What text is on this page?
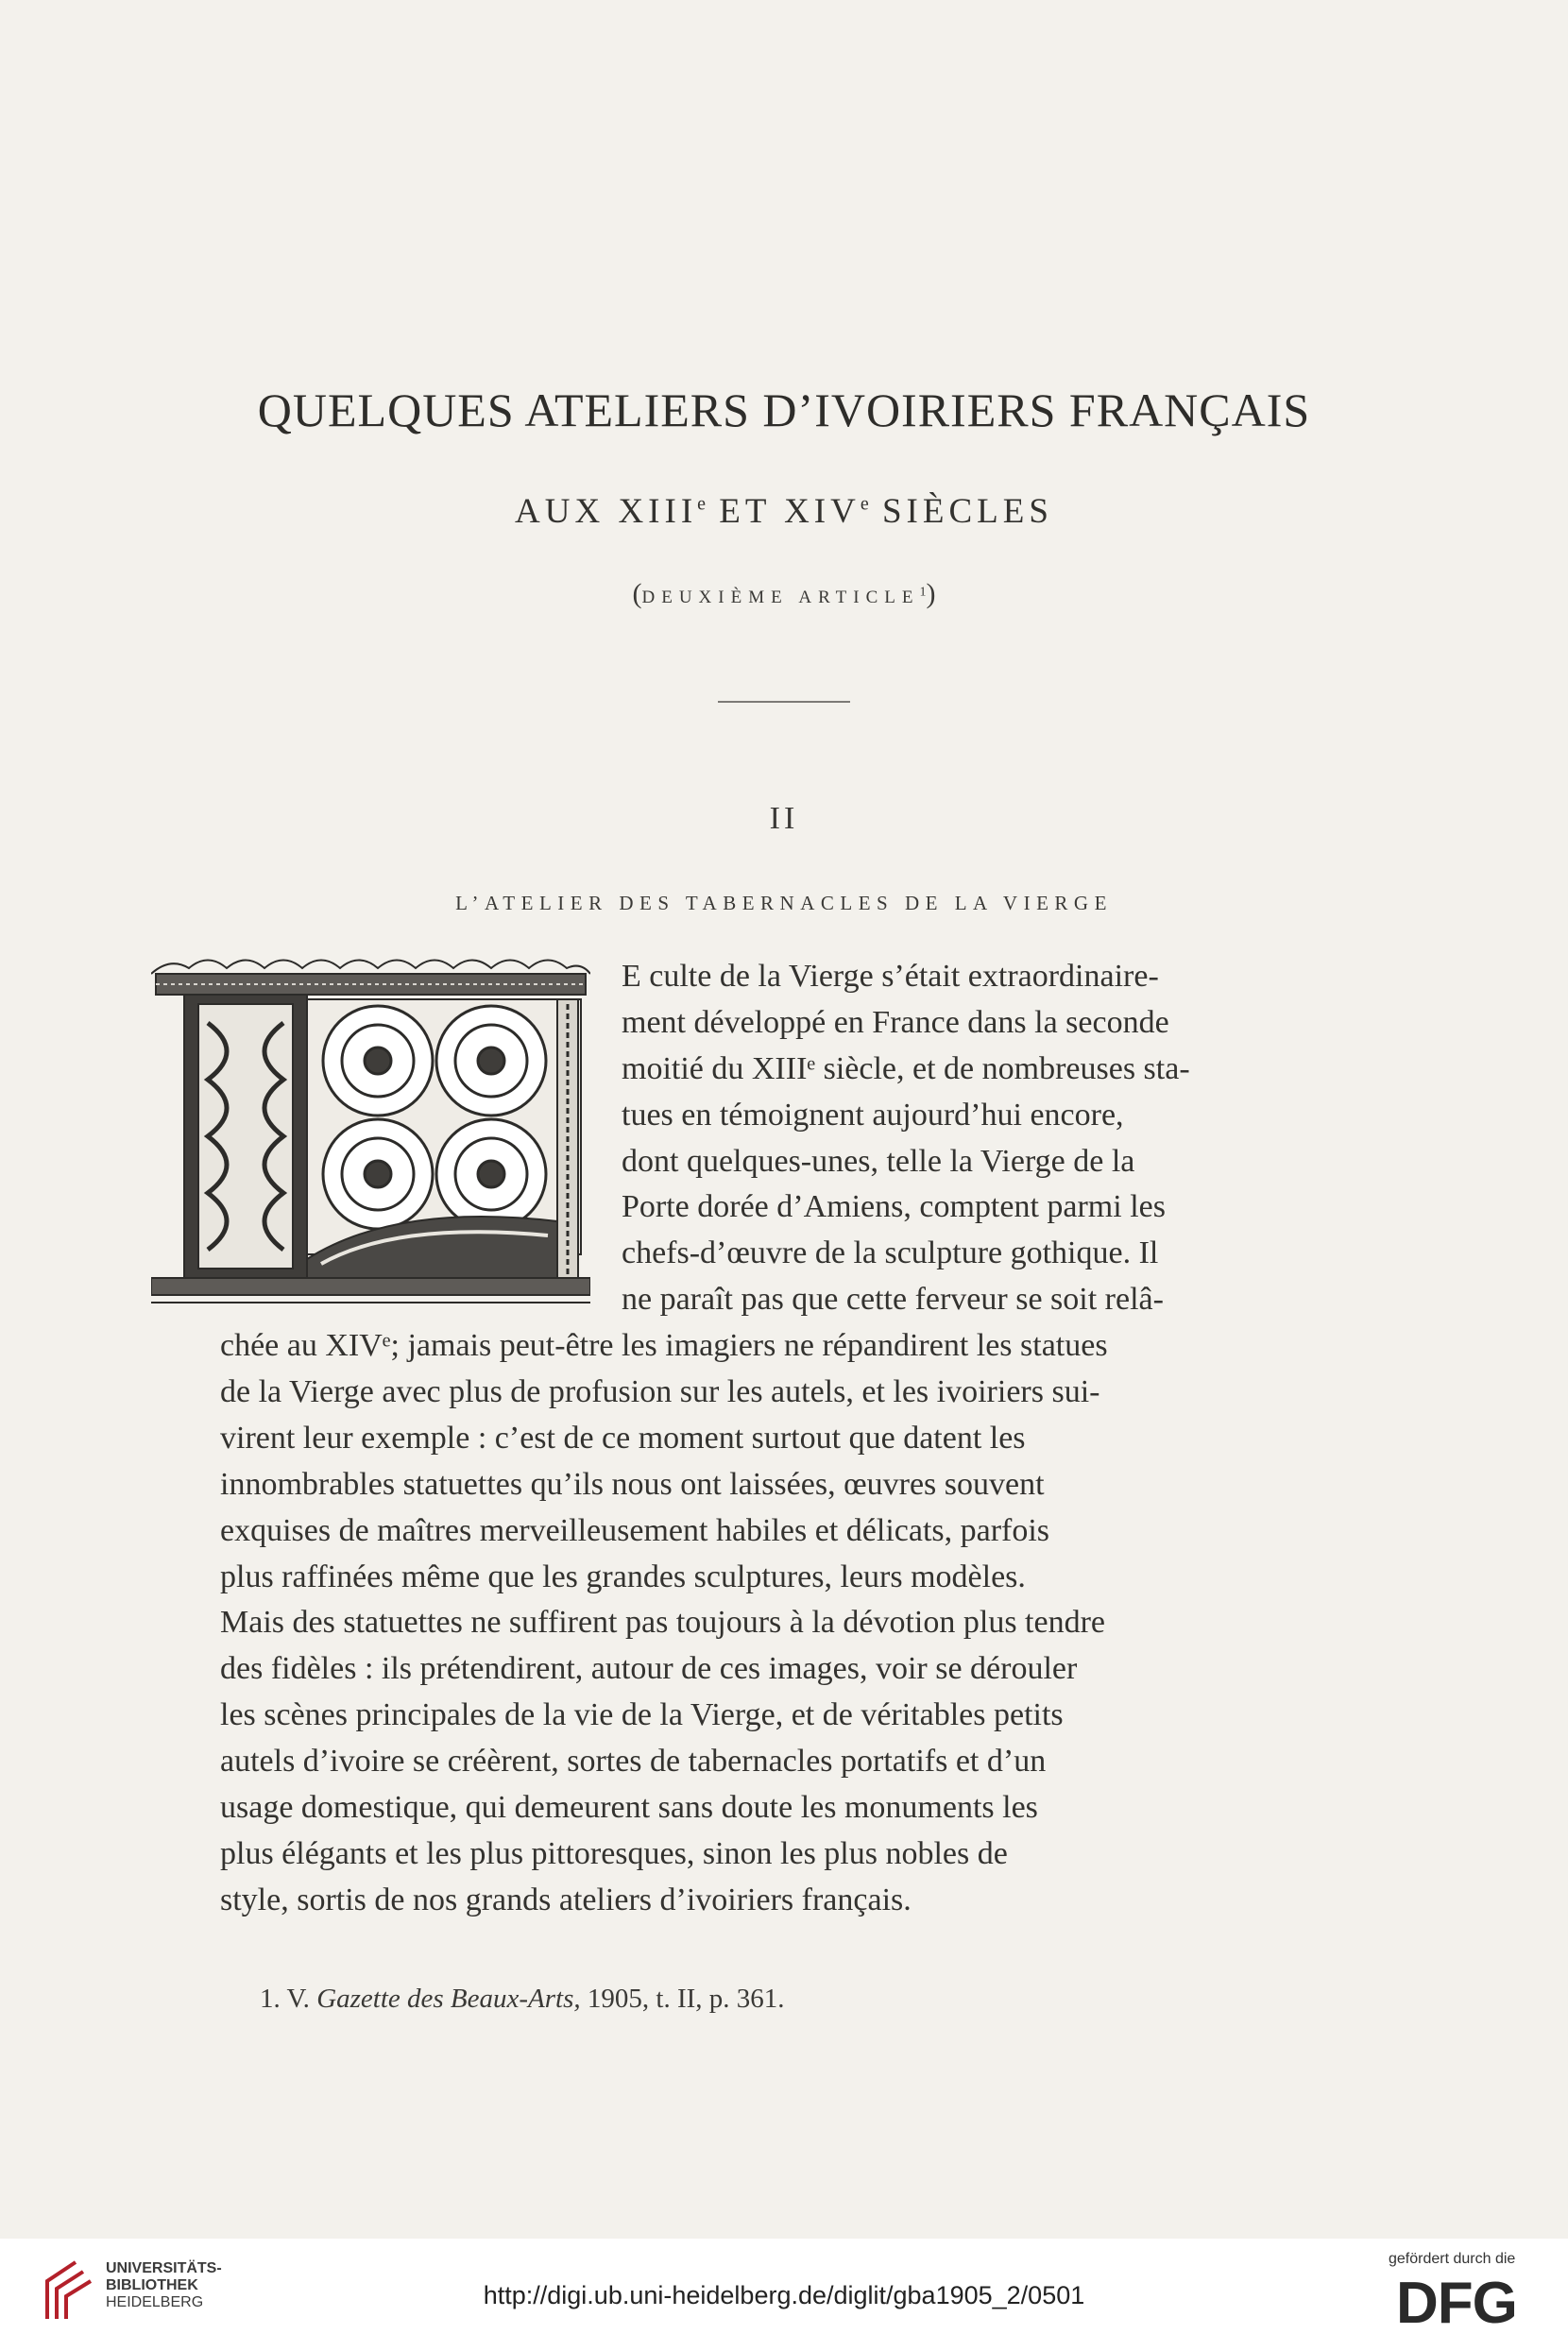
QUELQUES ATELIERS D’IVOIRIERS FRANÇAIS
AUX XIIIe ET XIVe SIÈCLES
(DEUXIÈME ARTICLE$^1$)
II
L’ATELIER DES TABERNACLES DE LA VIERGE
E culte de la Vierge s’était extraordinaire-
ment développé en France dans la seconde
moitié du XIIIᵉ siècle, et de nombreuses sta-
tues en témoignent aujourd’hui encore,
dont quelques-unes, telle la Vierge de la
Porte dorée d’Amiens, comptent parmi les
chefs-d’œuvre de la sculpture gothique. Il
ne paraît pas que cette ferveur se soit relâ-
chée au XIVᵉ; jamais peut-être les imagiers ne répandirent les statues
de la Vierge avec plus de profusion sur les autels, et les ivoiriers sui-
virent leur exemple : c’est de ce moment surtout que datent les
innombrables statuettes qu’ils nous ont laissées, œuvres souvent
exquises de maîtres merveilleusement habiles et délicats, parfois
plus raffinées même que les grandes sculptures, leurs modèles.
Mais des statuettes ne suffirent pas toujours à la dévotion plus tendre
des fidèles : ils prétendirent, autour de ces images, voir se dérouler
les scènes principales de la vie de la Vierge, et de véritables petits
autels d’ivoire se créèrent, sortes de tabernacles portatifs et d’un
usage domestique, qui demeurent sans doute les monuments les
plus élégants et les plus pittoresques, sinon les plus nobles de
style, sortis de nos grands ateliers d’ivoiriers français.
1. V. Gazette des Beaux-Arts, 1905, t. II, p. 361.
UNIVERSITÄTS-
BIBLIOTHEK
HEIDELBERG	http://digi.ub.uni-heidelberg.de/diglit/gba1905_2/0501
gefördert durch die
DFG
